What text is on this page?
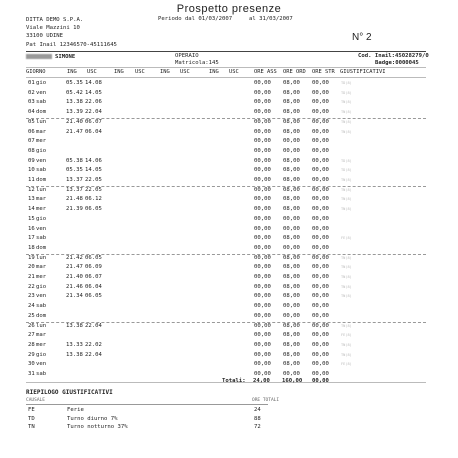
Prospetto presenze
DITTA DEMO S.P.A.
Viale Mazzini 10
33100 UDINE
Pat Inail 12346570-45111645
Periodo dal 01/03/2007	al 31/03/2007
N° 2
SIMONE	OPERAIO
Matricola:145
Cod. Inail:45028279/0
Badge:0000045
GIORNO	ING USC	ING USC	ING USC	ING USC	ORE ASS ORE ORD ORE STR GIUSTIFICATIVI
01 gio	05.35 14.08	00,00 08,00 00,00	TD(8)
02 ven	05.42 14.05	00,00 08,00 00,00	TD(8)
03 sab	13.38 22.06	00,00 08,00 00,00	TN(8)
04 dom	13.39 22.04	00,00 08,00 00,00	TN(8)
05 lun	21.40 06.07	00,00 08,00 00,00	TN(8)
06 mar	21.47 06.04	00,00 08,00 00,00	TN(8)
07 mer	00,00 00,00 00,00
08 gio	00,00 00,00 00,00
09 ven	05.38 14.06	00,00 08,00 00,00	TD(8)
10 sab	05.35 14.05	00,00 08,00 00,00	TD(8)
11 dom	13.37 22.05	00,00 08,00 00,00	TN(8)
12 lun	13.37 22.05	00,00 08,00 00,00	TN(8)
13 mar	21.48 06.12	00,00 08,00 00,00	TN(8)
14 mer	21.39 06.05	00,00 08,00 00,00	TN(8)
15 gio	00,00 00,00 00,00
16 ven	00,00 00,00 00,00
17 sab	00,00 08,00 00,00	FE(8)
18 dom	00,00 00,00 00,00
19 lun	21.42 06.05	00,00 08,00 00,00	TN(8)
20 mar	21.47 06.09	00,00 08,00 00,00	TN(8)
21 mer	21.40 06.07	00,00 08,00 00,00	TN(8)
22 gio	21.46 06.04	00,00 08,00 00,00	TN(8)
23 ven	21.34 06.05	00,00 08,00 00,00	TN(8)
24 sab	00,00 00,00 00,00
25 dom	00,00 00,00 00,00
26 lun	13.38 22.04	00,00 08,00 00,00	TN(8)
27 mar	00,00 08,00 00,00	FE(8)
28 mer	13.33 22.02	00,00 08,00 00,00	TN(8)
29 gio	13.38 22.04	00,00 08,00 00,00	TN(8)
30 ven	00,00 08,00 00,00	FE(8)
31 sab	00,00 00,00 00,00
Totali: 24,00 160,00 00,00
RIEPILOGO GIUSTIFICATIVI
CAUSALE	ORE TOTALI
FE	Ferie	24
TD	Turno diurno 7%	88
TN	Turno notturno 37%	72
